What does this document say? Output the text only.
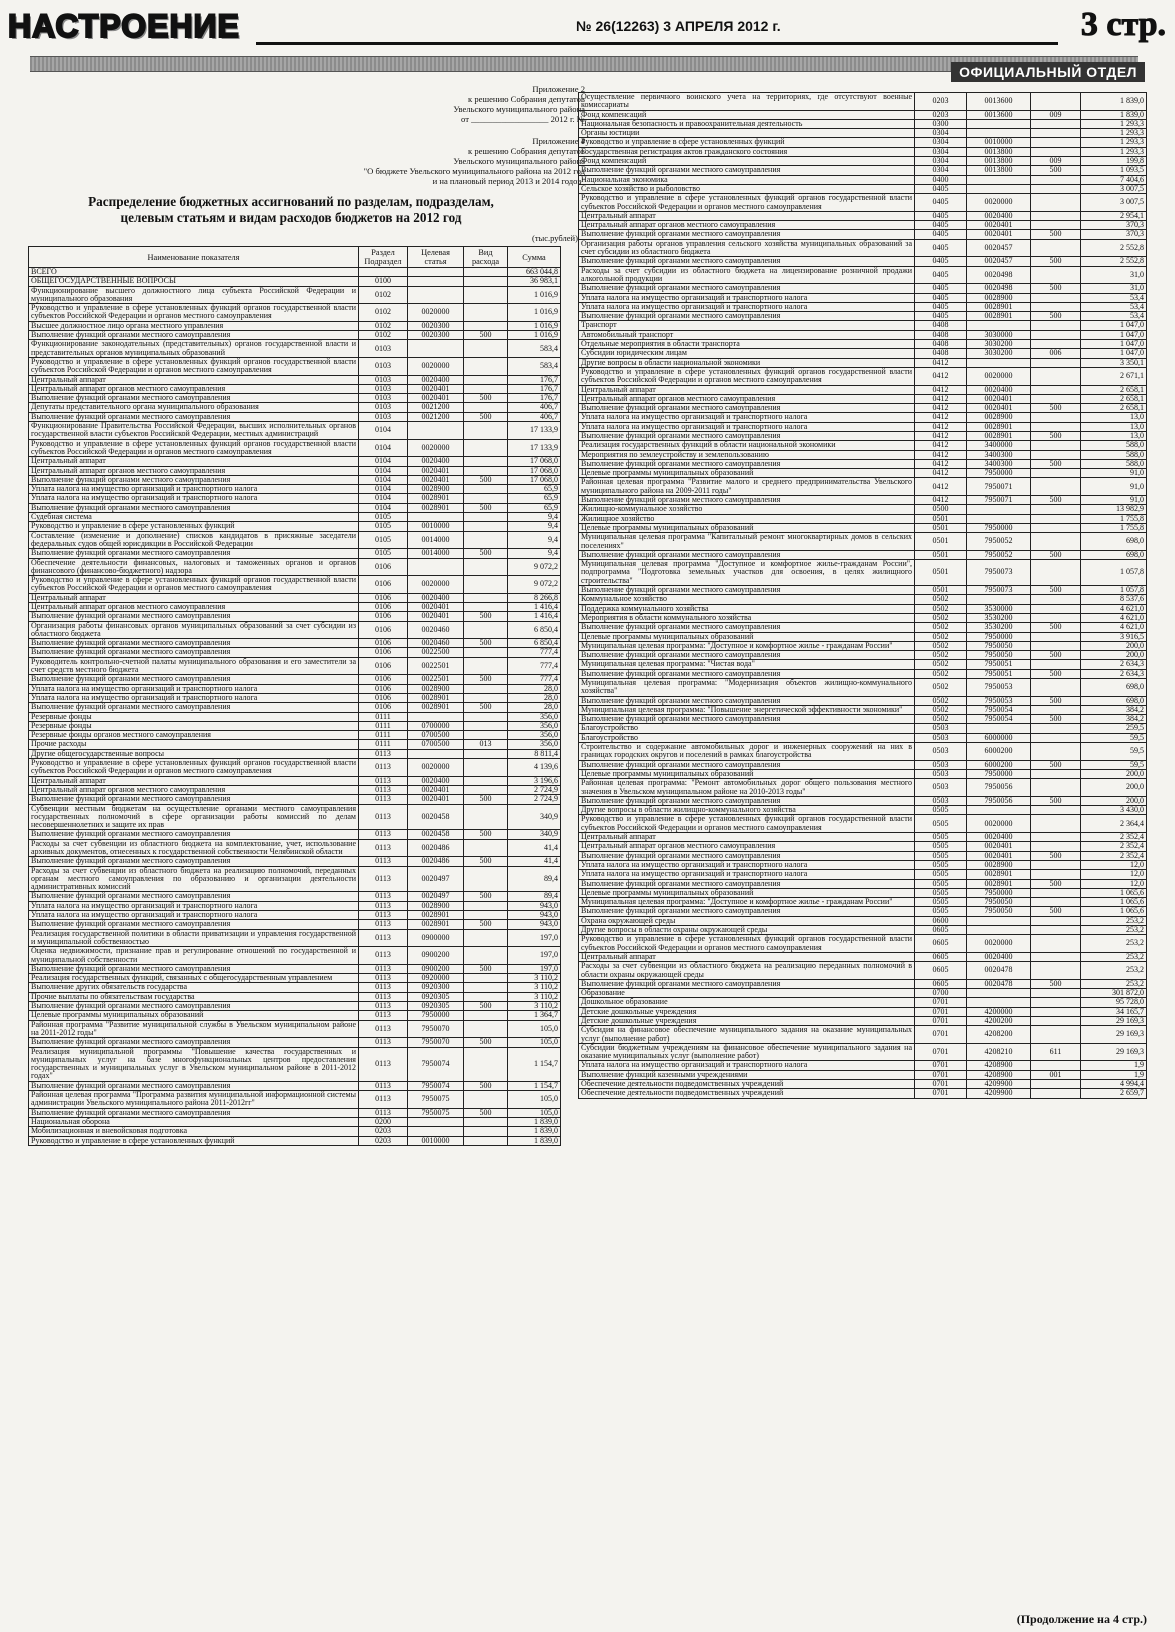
НАСТРОЕНИЕ	№ 26(12263) 3 АПРЕЛЯ 2012 г.	3 стр.
ОФИЦИАЛЬНЫЙ ОТДЕЛ
Приложение 2
к решению Собрания депутатов
Увельского муниципального района
от __________________ 2012 г. №
Приложение 4
к решению Собрания депутатов
Увельского муниципального района
"О бюджете Увельского муниципального района на 2012 год
и на плановый период 2013 и 2014 годов"
Распределение бюджетных ассигнований по разделам, подразделам, целевым статьям и видам расходов бюджетов на 2012 год
(тыс.рублей)
Наименование показателя	Раздел Подраздел	Целевая статья	Вид расхода	Сумма
ВСЕГО				663 044,8
ОБЩЕГОСУДАРСТВЕННЫЕ ВОПРОСЫ	0100			36 983,1
Функционирование высшего должностного лица субъекта Российской Федерации и муниципального образования	0102			1 016,9
Руководство и управление в сфере установленных функций органов государственной власти субъектов Российской Федерации и органов местного самоуправления	0102	0020000		1 016,9
Высшее должностное лицо органа местного управления	0102	0020300		1 016,9
Выполнение функций органами местного самоуправления	0102	0020300	500	1 016,9
Функционирование законодательных (представительных) органов государственной власти и представительных органов муниципальных образований	0103			583,4
Руководство и управление в сфере установленных функций органов государственной власти субъектов Российской Федерации и органов местного самоуправления	0103	0020000		583,4
Центральный аппарат	0103	0020400		176,7
Центральный аппарат органов местного самоуправления	0103	0020401		176,7
Выполнение функций органами местного самоуправления	0103	0020401	500	176,7
Депутаты представительного органа муниципального образования	0103	0021200		406,7
Выполнение функций органами местного самоуправления	0103	0021200	500	406,7
Функционирование Правительства Российской Федерации, высших исполнительных органов государственной власти субъектов Российской Федерации, местных администраций	0104			17 133,9
Руководство и управление в сфере установленных функций органов государственной власти субъектов Российской Федерации и органов местного самоуправления	0104	0020000		17 133,9
Центральный аппарат	0104	0020400		17 068,0
Центральный аппарат органов местного самоуправления	0104	0020401		17 068,0
Выполнение функций органами местного самоуправления	0104	0020401	500	17 068,0
Уплата налога на имущество организаций и транспортного налога	0104	0028900		65,9
Уплата налога на имущество организаций и транспортного налога	0104	0028901		65,9
Выполнение функций органами местного самоуправления	0104	0028901	500	65,9
Судебная система	0105			9,4
Руководство и управление в сфере установленных функций	0105	0010000		9,4
Составление (изменение и дополнение) списков кандидатов в присяжные заседатели федеральных судов общей юрисдикции в Российской Федерации	0105	0014000		9,4
Выполнение функций органами местного самоуправления	0105	0014000	500	9,4
Обеспечение деятельности финансовых, налоговых и таможенных органов и органов финансового (финансово-бюджетного) надзора	0106			9 072,2
Руководство и управление в сфере установленных функций органов государственной власти субъектов Российской Федерации и органов местного самоуправления	0106	0020000		9 072,2
Центральный аппарат	0106	0020400		8 266,8
Центральный аппарат органов местного самоуправления	0106	0020401		1 416,4
Выполнение функций органами местного самоуправления	0106	0020401	500	1 416,4
Организация работы финансовых органов муниципальных образований за счет субсидии из областного бюджета	0106	0020460		6 850,4
Выполнение функций органами местного самоуправления	0106	0020460	500	6 850,4
Выполнение функций органами местного самоуправления	0106	0022500		777,4
Руководитель контрольно-счетной палаты муниципального образования и его заместители за счет средств местного бюджета	0106	0022501		777,4
Выполнение функций органами местного самоуправления	0106	0022501	500	777,4
Уплата налога на имущество организаций и транспортного налога	0106	0028900		28,0
Уплата налога на имущество организаций и транспортного налога	0106	0028901		28,0
Выполнение функций органами местного самоуправления	0106	0028901	500	28,0
Резервные фонды	0111			356,0
Резервные фонды	0111	0700000		356,0
Резервные фонды органов местного самоуправления	0111	0700500		356,0
Прочие расходы	0111	0700500	013	356,0
Другие общегосударственные вопросы	0113			8 811,4
Руководство и управление в сфере установленных функций органов государственной власти субъектов Российской Федерации и органов местного самоуправления	0113	0020000		4 139,6
Центральный аппарат	0113	0020400		3 196,6
Центральный аппарат органов местного самоуправления	0113	0020401		2 724,9
Выполнение функций органами местного самоуправления	0113	0020401	500	2 724,9
Субвенции местным бюджетам на осуществление органами местного самоуправления государственных полномочий в сфере организации работы комиссий по делам несовершеннолетних и защите их прав	0113	0020458		340,9
Выполнение функций органами местного самоуправления	0113	0020458	500	340,9
Расходы за счет субвенции из областного бюджета на комплектование, учет, использование архивных документов, отнесенных к государственной собственности Челябинской области	0113	0020486		41,4
Выполнение функций органами местного самоуправления	0113	0020486	500	41,4
Расходы за счет субвенции из областного бюджета на реализацию полномочий, переданных органам местного самоуправления по образованию и организации деятельности административных комиссий	0113	0020497		89,4
Выполнение функций органами местного самоуправления	0113	0020497	500	89,4
Уплата налога на имущество организаций и транспортного налога	0113	0028900		943,0
Уплата налога на имущество организаций и транспортного налога	0113	0028901		943,0
Выполнение функций органами местного самоуправления	0113	0028901	500	943,0
Реализация государственной политики в области приватизации и управления государственной и муниципальной собственностью	0113	0900000		197,0
Оценка недвижимости, признание прав и регулирование отношений по государственной и муниципальной собственности	0113	0900200		197,0
Выполнение функций органами местного самоуправления	0113	0900200	500	197,0
Реализация государственных функций, связанных с общегосударственным управлением	0113	0920000		3 110,2
Выполнение других обязательств государства	0113	0920300		3 110,2
Прочие выплаты по обязательствам государства	0113	0920305		3 110,2
Выполнение функций органами местного самоуправления	0113	0920305	500	3 110,2
Целевые программы муниципальных образований	0113	7950000		1 364,7
Районная программа "Развитие муниципальной службы в Увельском муниципальном районе на 2011-2012 годы"	0113	7950070		105,0
Выполнение функций органами местного самоуправления	0113	7950070	500	105,0
Реализация муниципальной программы "Повышение качества государственных и муниципальных услуг на базе многофункциональных центров предоставления государственных и муниципальных услуг в Увельском муниципальном районе в 2011-2012 годах"	0113	7950074		1 154,7
Выполнение функций органами местного самоуправления	0113	7950074	500	1 154,7
Районная целевая программа "Программа развития муниципальной информационной системы администрации Увельского муниципального района 2011-2012гг"	0113	7950075		105,0
Выполнение функций органами местного самоуправления	0113	7950075	500	105,0
Национальная оборона	0200			1 839,0
Мобилизационная и вневойсковая подготовка	0203			1 839,0
Руководство и управление в сфере установленных функций	0203	0010000		1 839,0
Осуществление первичного воинского учета на территориях, где отсутствуют военные комиссариаты	0203	0013600		1 839,0
Фонд компенсаций	0203	0013600	009	1 839,0
Национальная безопасность и правоохранительная деятельность	0300			1 293,3
Органы юстиции	0304			1 293,3
Руководство и управление в сфере установленных функций	0304	0010000		1 293,3
Государственная регистрация актов гражданского состояния	0304	0013800		1 293,3
Фонд компенсаций	0304	0013800	009	199,8
Выполнение функций органами местного самоуправления	0304	0013800	500	1 093,5
Национальная экономика	0400			7 404,6
Сельское хозяйство и рыболовство	0405			3 007,5
Руководство и управление в сфере установленных функций органов государственной власти субъектов Российской Федерации и органов местного самоуправления	0405	0020000		3 007,5
Центральный аппарат	0405	0020400		2 954,1
Центральный аппарат органов местного самоуправления	0405	0020401		370,3
Выполнение функций органами местного самоуправления	0405	0020401	500	370,3
Организация работы органов управления сельского хозяйства муниципальных образований за счет субсидии из областного бюджета	0405	0020457		2 552,8
Выполнение функций органами местного самоуправления	0405	0020457	500	2 552,8
Расходы за счет субсидии из областного бюджета на лицензирование розничной продажи алкогольной продукции	0405	0020498		31,0
Выполнение функций органами местного самоуправления	0405	0020498	500	31,0
Уплата налога на имущество организаций и транспортного налога	0405	0028900		53,4
Уплата налога на имущество организаций и транспортного налога	0405	0028901		53,4
Выполнение функций органами местного самоуправления	0405	0028901	500	53,4
Транспорт	0408			1 047,0
Автомобильный транспорт	0408	3030000		1 047,0
Отдельные мероприятия в области транспорта	0408	3030200		1 047,0
Субсидии юридическим лицам	0408	3030200	006	1 047,0
Другие вопросы в области национальной экономики	0412			3 350,1
Руководство и управление в сфере установленных функций органов государственной власти субъектов Российской Федерации и органов местного самоуправления	0412	0020000		2 671,1
Центральный аппарат	0412	0020400		2 658,1
Центральный аппарат органов местного самоуправления	0412	0020401		2 658,1
Выполнение функций органами местного самоуправления	0412	0020401	500	2 658,1
Уплата налога на имущество организаций и транспортного налога	0412	0028900		13,0
Уплата налога на имущество организаций и транспортного налога	0412	0028901		13,0
Выполнение функций органами местного самоуправления	0412	0028901	500	13,0
Реализация государственных функций в области национальной экономики	0412	3400000		588,0
Мероприятия по землеустройству и землепользованию	0412	3400300		588,0
Выполнение функций органами местного самоуправления	0412	3400300	500	588,0
Целевые программы муниципальных образований	0412	7950000		91,0
Районная целевая программа "Развитие малого и среднего предпринимательства Увельского муниципального района на 2009-2011 годы"	0412	7950071		91,0
Выполнение функций органами местного самоуправления	0412	7950071	500	91,0
Жилищно-коммунальное хозяйство	0500			13 982,9
Жилищное хозяйство	0501			1 755,8
Целевые программы муниципальных образований	0501	7950000		1 755,8
Муниципальная целевая программа "Капитальный ремонт многоквартирных домов в сельских поселениях"	0501	7950052		698,0
Выполнение функций органами местного самоуправления	0501	7950052	500	698,0
Муниципальная целевая программа "Доступное и комфортное жилье-гражданам России", подпрограмма "Подготовка земельных участков для освоения, в целях жилищного строительства"	0501	7950073		1 057,8
Выполнение функций органами местного самоуправления	0501	7950073	500	1 057,8
Коммунальное хозяйство	0502			8 537,6
Поддержка коммунального хозяйства	0502	3530000		4 621,0
Мероприятия в области коммунального хозяйства	0502	3530200		4 621,0
Выполнение функций органами местного самоуправления	0502	3530200	500	4 621,0
Целевые программы муниципальных образований	0502	7950000		3 916,5
Муниципальная целевая программа: "Доступное и комфортное жилье - гражданам России"	0502	7950050		200,0
Выполнение функций органами местного самоуправления	0502	7950050	500	200,0
Муниципальная целевая программа: "Чистая вода"	0502	7950051		2 634,3
Выполнение функций органами местного самоуправления	0502	7950051	500	2 634,3
Муниципальная целевая программа: "Модернизация объектов жилищно-коммунального хозяйства"	0502	7950053		698,0
Выполнение функций органами местного самоуправления	0502	7950053	500	698,0
Муниципальная целевая программа: "Повышение энергетической эффективности экономики"	0502	7950054		384,2
Выполнение функций органами местного самоуправления	0502	7950054	500	384,2
Благоустройство	0503			259,5
Благоустройство	0503	6000000		59,5
Строительство и содержание автомобильных дорог и инженерных сооружений на них в границах городских округов и поселений в рамках благоустройства	0503	6000200		59,5
Выполнение функций органами местного самоуправления	0503	6000200	500	59,5
Целевые программы муниципальных образований	0503	7950000		200,0
Районная целевая программа: "Ремонт автомобильных дорог общего пользования местного значения в Увельском муниципальном районе на 2010-2013 годы"	0503	7950056		200,0
Выполнение функций органами местного самоуправления	0503	7950056	500	200,0
Другие вопросы в области жилищно-коммунального хозяйства	0505			3 430,0
Руководство и управление в сфере установленных функций органов государственной власти субъектов Российской Федерации и органов местного самоуправления	0505	0020000		2 364,4
Центральный аппарат	0505	0020400		2 352,4
Центральный аппарат органов местного самоуправления	0505	0020401		2 352,4
Выполнение функций органами местного самоуправления	0505	0020401	500	2 352,4
Уплата налога на имущество организаций и транспортного налога	0505	0028900		12,0
Уплата налога на имущество организаций и транспортного налога	0505	0028901		12,0
Выполнение функций органами местного самоуправления	0505	0028901	500	12,0
Целевые программы муниципальных образований	0505	7950000		1 065,6
Муниципальная целевая программа: "Доступное и комфортное жилье - гражданам России"	0505	7950050		1 065,6
Выполнение функций органами местного самоуправления	0505	7950050	500	1 065,6
Охрана окружающей среды	0600			253,2
Другие вопросы в области охраны окружающей среды	0605			253,2
Руководство и управление в сфере установленных функций органов государственной власти субъектов Российской Федерации и органов местного самоуправления	0605	0020000		253,2
Центральный аппарат	0605	0020400		253,2
Расходы за счет субвенции из областного бюджета на реализацию переданных полномочий в области охраны окружающей среды	0605	0020478		253,2
Выполнение функций органами местного самоуправления	0605	0020478	500	253,2
Образование	0700			301 872,0
Дошкольное образование	0701			95 728,0
Детские дошкольные учреждения	0701	4200000		34 165,7
Детские дошкольные учреждения	0701	4200200		29 169,3
Субсидия на финансовое обеспечение муниципального задания на оказание муниципальных услуг (выполнение работ)	0701	4208200		29 169,3
Субсидии бюджетным учреждениям на финансовое обеспечение муниципального задания на оказание муниципальных услуг (выполнение работ)	0701	4208210	611	29 169,3
Уплата налога на имущество организаций и транспортного налога	0701	4208900		1,9
Выполнение функций казенными учреждениями	0701	4208900	001	1,9
Обеспечение деятельности подведомственных учреждений	0701	4209900		4 994,4
Обеспечение деятельности подведомственных учреждений	0701	4209900		2 659,7
(Продолжение на 4 стр.)
